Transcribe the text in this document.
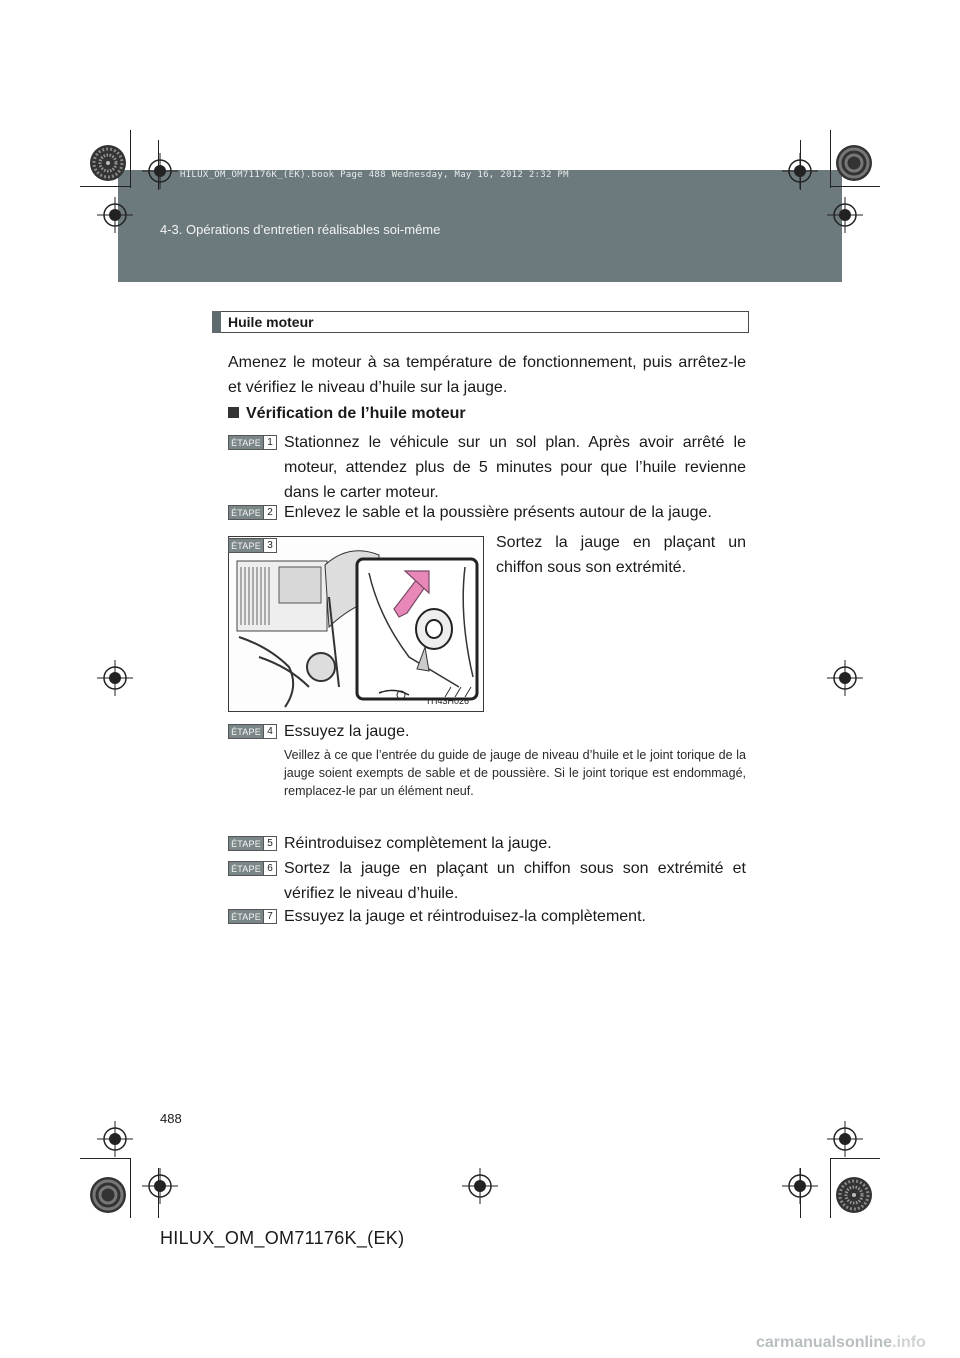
4-3. Opérations d’entretien réalisables soi-même
HILUX_OM_OM71176K_(EK).book Page 488 Wednesday, May 16, 2012 2:32 PM
Huile moteur
Amenez le moteur à sa température de fonctionnement, puis arrêtez-le et vérifiez le niveau d’huile sur la jauge.
Vérification de l’huile moteur
ÉTAPE 1 Stationnez le véhicule sur un sol plan. Après avoir arrêté le moteur, attendez plus de 5 minutes pour que l’huile revienne dans le carter moteur.
ÉTAPE 2 Enlevez le sable et la poussière présents autour de la jauge.
ÉTAPE 3
ITI43H026
Sortez la jauge en plaçant un chiffon sous son extrémité.
ÉTAPE 4 Essuyez la jauge.
Veillez à ce que l’entrée du guide de jauge de niveau d’huile et le joint torique de la jauge soient exempts de sable et de poussière. Si le joint torique est endommagé, remplacez-le par un élément neuf.
ÉTAPE 5 Réintroduisez complètement la jauge.
ÉTAPE 6 Sortez la jauge en plaçant un chiffon sous son extrémité et vérifiez le niveau d’huile.
ÉTAPE 7 Essuyez la jauge et réintroduisez-la complètement.
488
HILUX_OM_OM71176K_(EK)
carmanualsonline.info
